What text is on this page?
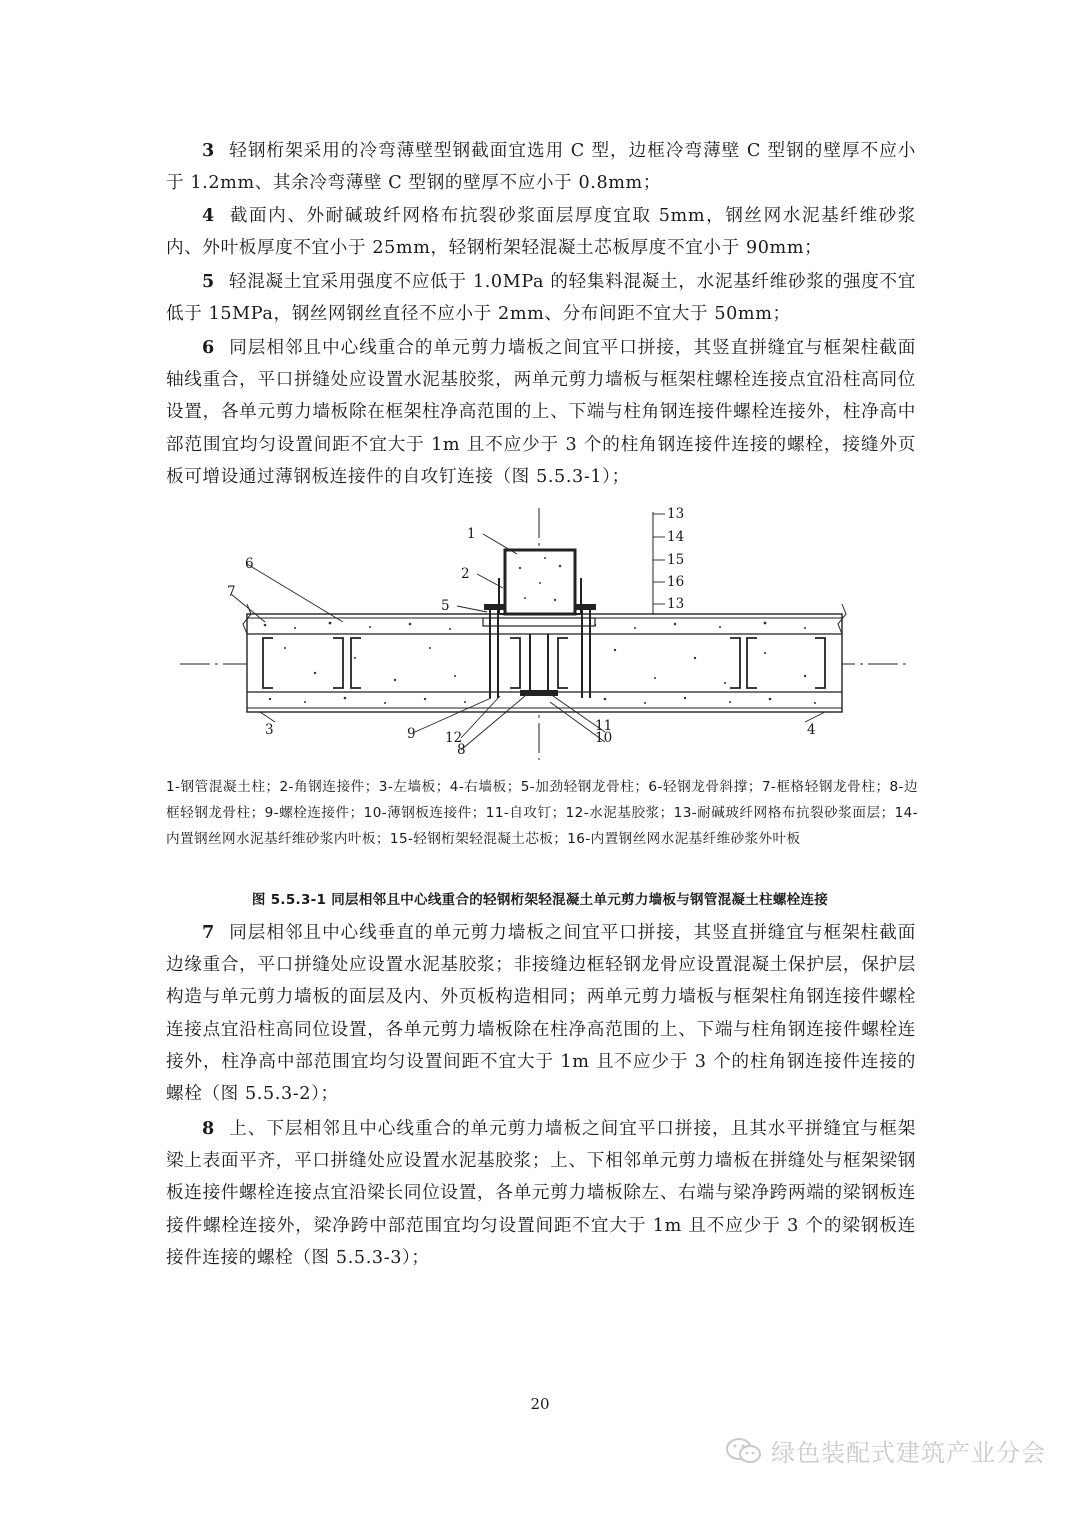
3 轻钢桁架采用的冷弯薄壁型钢截面宜选用 C 型，边框冷弯薄壁 C 型钢的壁厚不应小于 1.2mm、其余冷弯薄壁 C 型钢的壁厚不应小于 0.8mm；
4 截面内、外耐碱玻纤网格布抗裂砂浆面层厚度宜取 5mm，钢丝网水泥基纤维砂浆内、外叶板厚度不宜小于 25mm，轻钢桁架轻混凝土芯板厚度不宜小于 90mm；
5 轻混凝土宜采用强度不应低于 1.0MPa 的轻集料混凝土，水泥基纤维砂浆的强度不宜低于 15MPa，钢丝网钢丝直径不应小于 2mm、分布间距不宜大于 50mm；
6 同层相邻且中心线重合的单元剪力墙板之间宜平口拼接，其竖直拼缝宜与框架柱截面轴线重合，平口拼缝处应设置水泥基胶浆，两单元剪力墙板与框架柱螺栓连接点宜沿柱高同位设置，各单元剪力墙板除在框架柱净高范围的上、下端与柱角钢连接件螺栓连接外，柱净高中部范围宜均匀设置间距不宜大于 1m 且不应少于 3 个的柱角钢连接件连接的螺栓，接缝外页板可增设通过薄钢板连接件的自攻钉连接（图 5.5.3-1）；
1
2
3	4
5
6
7
8
9	10
11
12
13
14
15
16
13
1-钢管混凝土柱；2-角钢连接件；3-左墙板；4-右墙板；5-加劲轻钢龙骨柱；6-轻钢龙骨斜撑；7-框格轻钢龙骨柱；8-边框轻钢龙骨柱；9-螺栓连接件；10-薄钢板连接件；11-自攻钉；12-水泥基胶浆；13-耐碱玻纤网格布抗裂砂浆面层；14-内置钢丝网水泥基纤维砂浆内叶板；15-轻钢桁架轻混凝土芯板；16-内置钢丝网水泥基纤维砂浆外叶板
图 5.5.3-1 同层相邻且中心线重合的轻钢桁架轻混凝土单元剪力墙板与钢管混凝土柱螺栓连接
7 同层相邻且中心线垂直的单元剪力墙板之间宜平口拼接，其竖直拼缝宜与框架柱截面边缘重合，平口拼缝处应设置水泥基胶浆；非接缝边框轻钢龙骨应设置混凝土保护层，保护层构造与单元剪力墙板的面层及内、外页板构造相同；两单元剪力墙板与框架柱角钢连接件螺栓连接点宜沿柱高同位设置，各单元剪力墙板除在柱净高范围的上、下端与柱角钢连接件螺栓连接外，柱净高中部范围宜均匀设置间距不宜大于 1m 且不应少于 3 个的柱角钢连接件连接的螺栓（图 5.5.3-2）；
8 上、下层相邻且中心线重合的单元剪力墙板之间宜平口拼接，且其水平拼缝宜与框架梁上表面平齐，平口拼缝处应设置水泥基胶浆；上、下相邻单元剪力墙板在拼缝处与框架梁钢板连接件螺栓连接点宜沿梁长同位设置，各单元剪力墙板除左、右端与梁净跨两端的梁钢板连接件螺栓连接外，梁净跨中部范围宜均匀设置间距不宜大于 1m 且不应少于 3 个的梁钢板连接件连接的螺栓（图 5.5.3-3）；
20
绿色装配式建筑产业分会
